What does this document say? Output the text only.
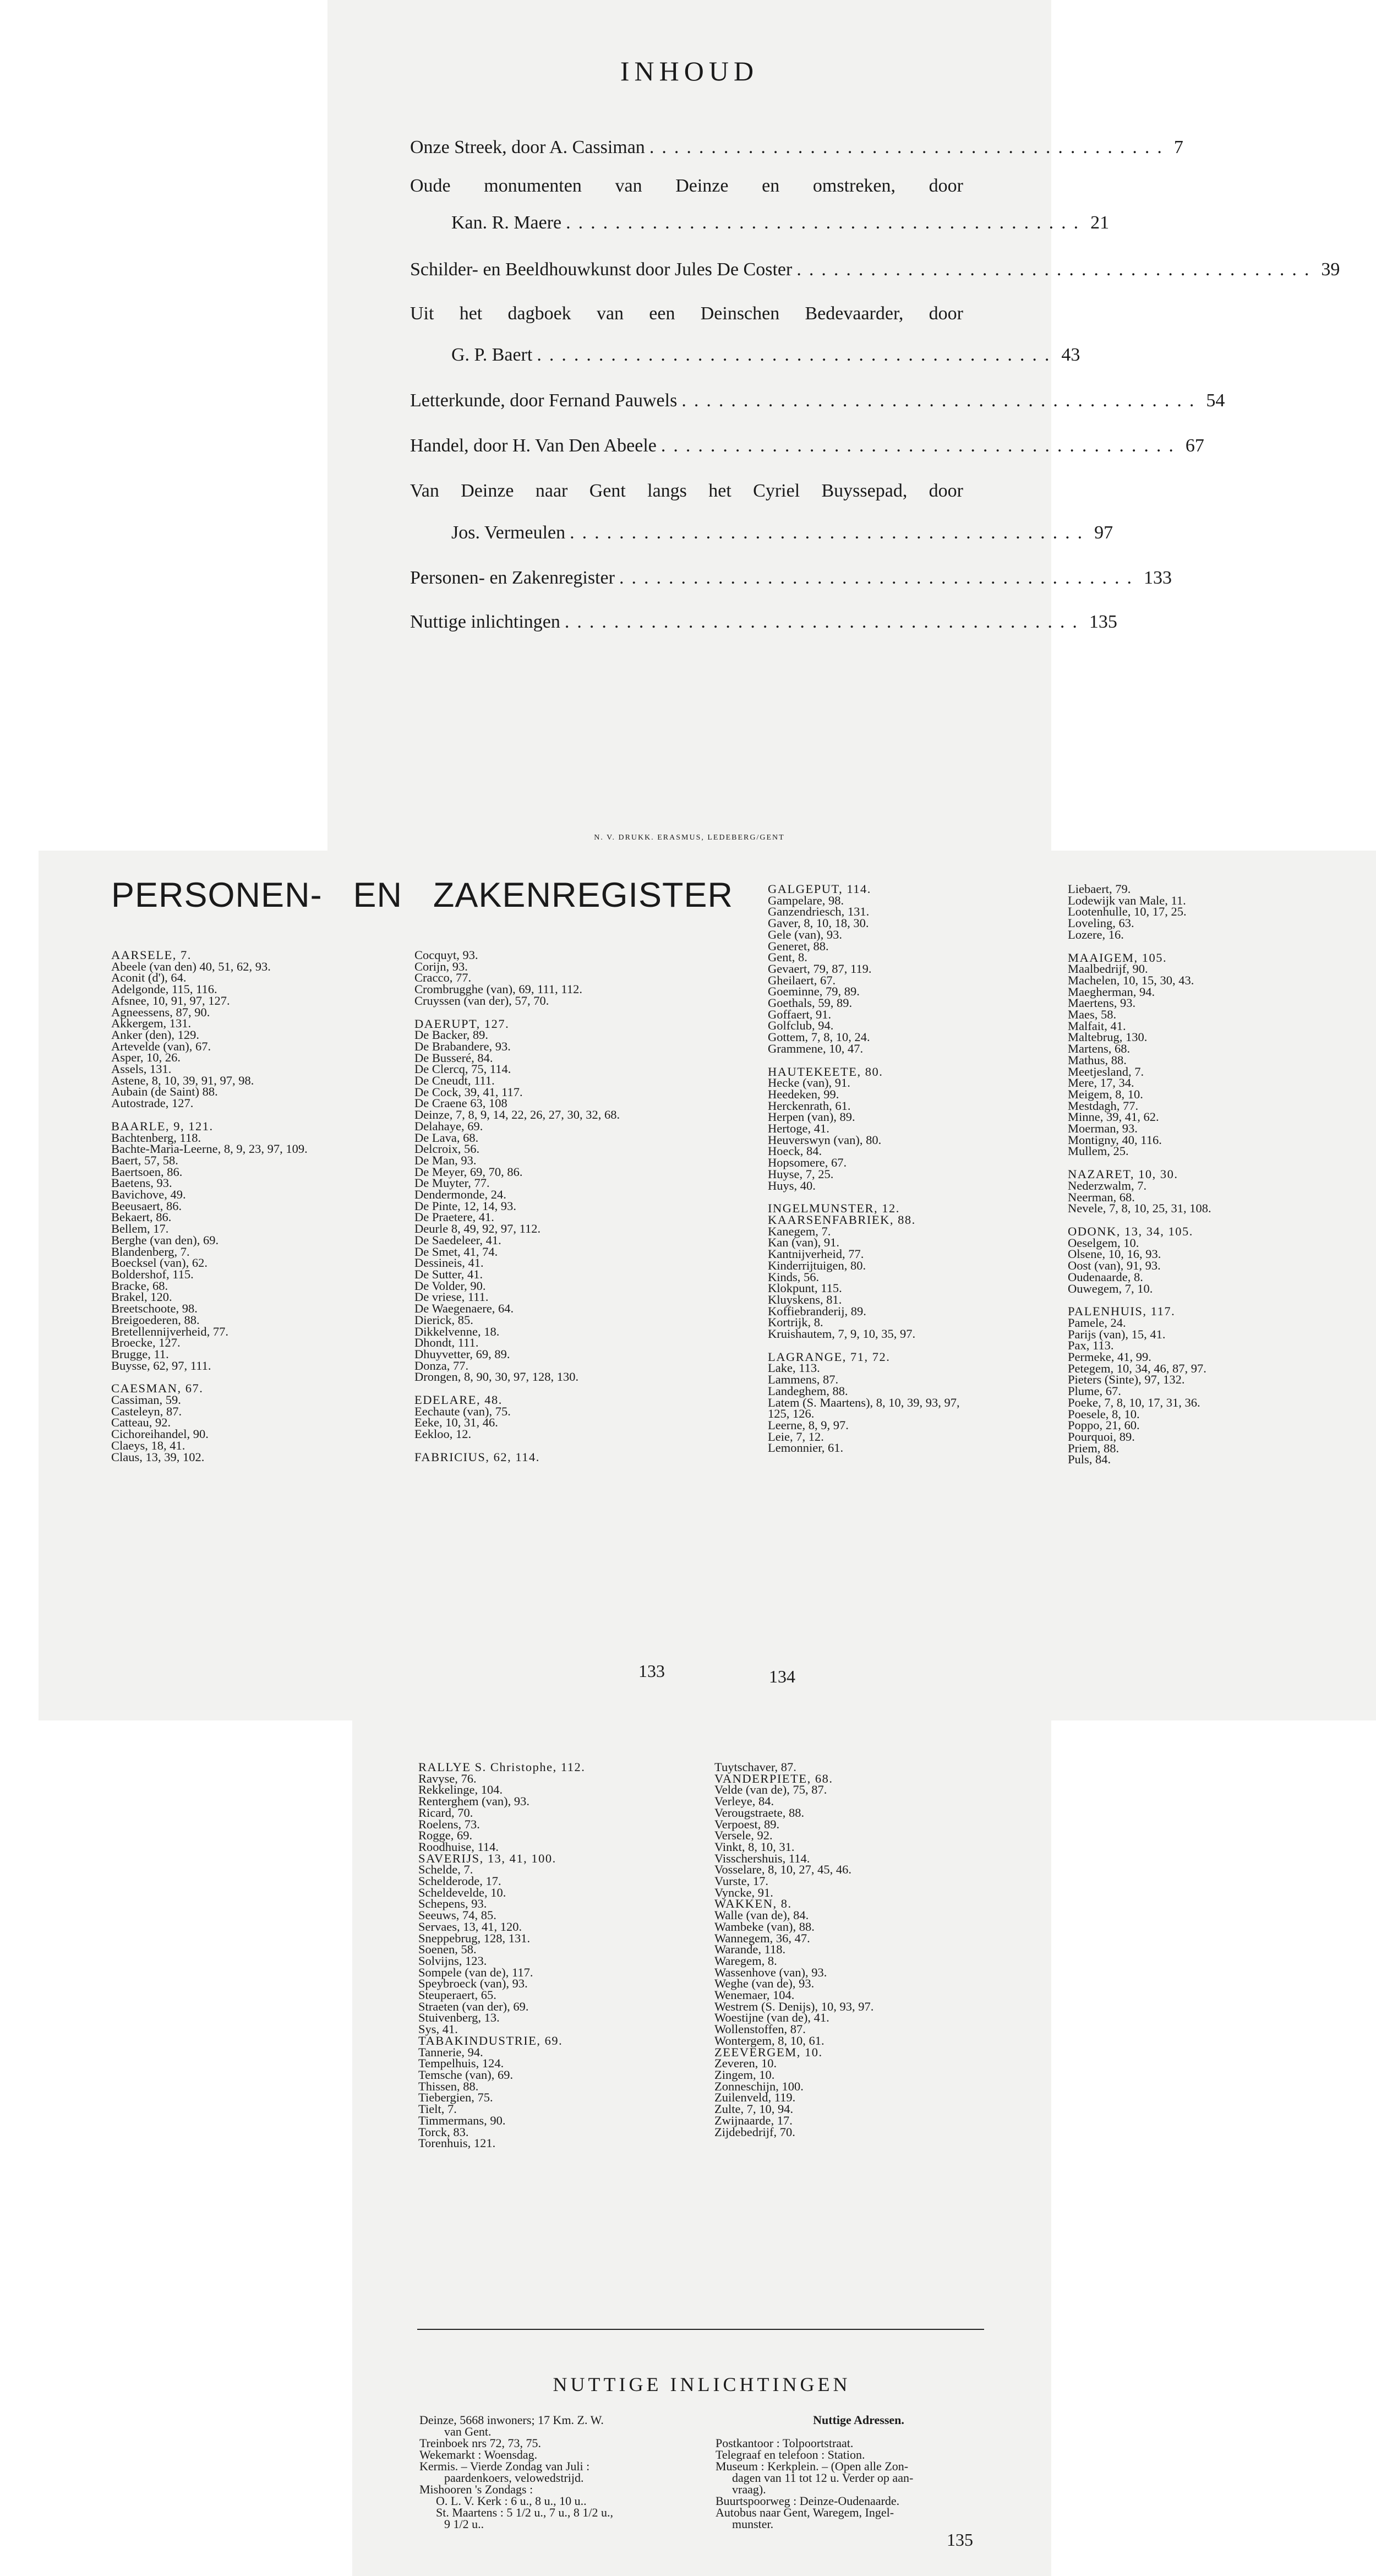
INHOUD
Onze Streek, door A. Cassiman .......................................... 7
Oude monumenten van Deinze en omstreken, door
Kan. R. Maere .......................................... 21
Schilder- en Beeldhouwkunst door Jules De Coster .......................................... 39
Uit het dagboek van een Deinschen Bedevaarder, door
G. P. Baert .......................................... 43
Letterkunde, door Fernand Pauwels .......................................... 54
Handel, door H. Van Den Abeele .......................................... 67
Van Deinze naar Gent langs het Cyriel Buyssepad, door
Jos. Vermeulen .......................................... 97
Personen- en Zakenregister .......................................... 133
Nuttige inlichtingen .......................................... 135
N. V. DRUKK. ERASMUS, LEDEBERG/GENT
PERSONEN- EN ZAKENREGISTER
AARSELE, 7.
Abeele (van den) 40, 51, 62, 93.
Aconit (d'), 64.
Adelgonde, 115, 116.
Afsnee, 10, 91, 97, 127.
Agneessens, 87, 90.
Akkergem, 131.
Anker (den), 129.
Artevelde (van), 67.
Asper, 10, 26.
Assels, 131.
Astene, 8, 10, 39, 91, 97, 98.
Aubain (de Saint) 88.
Autostrade, 127.
BAARLE, 9, 121.
Bachtenberg, 118.
Bachte-Maria-Leerne, 8, 9, 23, 97, 109.
Baert, 57, 58.
Baertsoen, 86.
Baetens, 93.
Bavichove, 49.
Beeusaert, 86.
Bekaert, 86.
Bellem, 17.
Berghe (van den), 69.
Blandenberg, 7.
Boecksel (van), 62.
Boldershof, 115.
Bracke, 68.
Brakel, 120.
Breetschoote, 98.
Breigoederen, 88.
Bretellennijverheid, 77.
Broecke, 127.
Brugge, 11.
Buysse, 62, 97, 111.
CAESMAN, 67.
Cassiman, 59.
Casteleyn, 87.
Catteau, 92.
Cichoreihandel, 90.
Claeys, 18, 41.
Claus, 13, 39, 102.
Cocquyt, 93.
Corijn, 93.
Cracco, 77.
Crombrugghe (van), 69, 111, 112.
Cruyssen (van der), 57, 70.
DAERUPT, 127.
De Backer, 89.
De Brabandere, 93.
De Busseré, 84.
De Clercq, 75, 114.
De Cneudt, 111.
De Cock, 39, 41, 117.
De Craene 63, 108
Deinze, 7, 8, 9, 14, 22, 26, 27, 30, 32, 68.
Delahaye, 69.
De Lava, 68.
Delcroix, 56.
De Man, 93.
De Meyer, 69, 70, 86.
De Muyter, 77.
Dendermonde, 24.
De Pinte, 12, 14, 93.
De Praetere, 41.
Deurle 8, 49, 92, 97, 112.
De Saedeleer, 41.
De Smet, 41, 74.
Dessineis, 41.
De Sutter, 41.
De Volder, 90.
De vriese, 111.
De Waegenaere, 64.
Dierick, 85.
Dikkelvenne, 18.
Dhondt, 111.
Dhuyvetter, 69, 89.
Donza, 77.
Drongen, 8, 90, 30, 97, 128, 130.
EDELARE, 48.
Eechaute (van), 75.
Eeke, 10, 31, 46.
Eekloo, 12.
FABRICIUS, 62, 114.
GALGEPUT, 114.
Gampelare, 98.
Ganzendriesch, 131.
Gaver, 8, 10, 18, 30.
Gele (van), 93.
Generet, 88.
Gent, 8.
Gevaert, 79, 87, 119.
Gheilaert, 67.
Goeminne, 79, 89.
Goethals, 59, 89.
Goffaert, 91.
Golfclub, 94.
Gottem, 7, 8, 10, 24.
Grammene, 10, 47.
HAUTEKEETE, 80.
Hecke (van), 91.
Heedeken, 99.
Herckenrath, 61.
Herpen (van), 89.
Hertoge, 41.
Heuverswyn (van), 80.
Hoeck, 84.
Hopsomere, 67.
Huyse, 7, 25.
Huys, 40.
INGELMUNSTER, 12.
KAARSENFABRIEK, 88.
Kanegem, 7.
Kan (van), 91.
Kantnijverheid, 77.
Kinderrijtuigen, 80.
Kinds, 56.
Klokpunt, 115.
Kluyskens, 81.
Koffiebranderij, 89.
Kortrijk, 8.
Kruishautem, 7, 9, 10, 35, 97.
LAGRANGE, 71, 72.
Lake, 113.
Lammens, 87.
Landeghem, 88.
Latem (S. Maartens), 8, 10, 39, 93, 97,
125, 126.
Leerne, 8, 9, 97.
Leie, 7, 12.
Lemonnier, 61.
Liebaert, 79.
Lodewijk van Male, 11.
Lootenhulle, 10, 17, 25.
Loveling, 63.
Lozere, 16.
MAAIGEM, 105.
Maalbedrijf, 90.
Machelen, 10, 15, 30, 43.
Maegherman, 94.
Maertens, 93.
Maes, 58.
Malfait, 41.
Maltebrug, 130.
Martens, 68.
Mathus, 88.
Meetjesland, 7.
Mere, 17, 34.
Meigem, 8, 10.
Mestdagh, 77.
Minne, 39, 41, 62.
Moerman, 93.
Montigny, 40, 116.
Mullem, 25.
NAZARET, 10, 30.
Nederzwalm, 7.
Neerman, 68.
Nevele, 7, 8, 10, 25, 31, 108.
ODONK, 13, 34, 105.
Oeselgem, 10.
Olsene, 10, 16, 93.
Oost (van), 91, 93.
Oudenaarde, 8.
Ouwegem, 7, 10.
PALENHUIS, 117.
Pamele, 24.
Parijs (van), 15, 41.
Pax, 113.
Permeke, 41, 99.
Petegem, 10, 34, 46, 87, 97.
Pieters (Sinte), 97, 132.
Plume, 67.
Poeke, 7, 8, 10, 17, 31, 36.
Poesele, 8, 10.
Poppo, 21, 60.
Pourquoi, 89.
Priem, 88.
Puls, 84.
133	134
RALLYE S. Christophe, 112.
Ravyse, 76.
Rekkelinge, 104.
Renterghem (van), 93.
Ricard, 70.
Roelens, 73.
Rogge, 69.
Roodhuise, 114.
SAVERIJS, 13, 41, 100.
Schelde, 7.
Schelderode, 17.
Scheldevelde, 10.
Schepens, 93.
Seeuws, 74, 85.
Servaes, 13, 41, 120.
Sneppebrug, 128, 131.
Soenen, 58.
Solvijns, 123.
Sompele (van de), 117.
Speybroeck (van), 93.
Steuperaert, 65.
Straeten (van der), 69.
Stuivenberg, 13.
Sys, 41.
TABAKINDUSTRIE, 69.
Tannerie, 94.
Tempelhuis, 124.
Temsche (van), 69.
Thissen, 88.
Tiebergien, 75.
Tielt, 7.
Timmermans, 90.
Torck, 83.
Torenhuis, 121.
Tuytschaver, 87.
VANDERPIETE, 68.
Velde (van de), 75, 87.
Verleye, 84.
Verougstraete, 88.
Verpoest, 89.
Versele, 92.
Vinkt, 8, 10, 31.
Visschershuis, 114.
Vosselare, 8, 10, 27, 45, 46.
Vurste, 17.
Vyncke, 91.
WAKKEN, 8.
Walle (van de), 84.
Wambeke (van), 88.
Wannegem, 36, 47.
Warande, 118.
Waregem, 8.
Wassenhove (van), 93.
Weghe (van de), 93.
Wenemaer, 104.
Westrem (S. Denijs), 10, 93, 97.
Woestijne (van de), 41.
Wollenstoffen, 87.
Wontergem, 8, 10, 61.
ZEEVERGEM, 10.
Zeveren, 10.
Zingem, 10.
Zonneschijn, 100.
Zuilenveld, 119.
Zulte, 7, 10, 94.
Zwijnaarde, 17.
Zijdebedrijf, 70.
NUTTIGE INLICHTINGEN
Deinze, 5668 inwoners; 17 Km. Z. W.
van Gent.
Treinboek nrs 72, 73, 75.
Wekemarkt : Woensdag.
Kermis. – Vierde Zondag van Juli :
paardenkoers, velowedstrijd.
Mishooren 's Zondags :
O. L. V. Kerk : 6 u., 8 u., 10 u..
St. Maartens : 5 1/2 u., 7 u., 8 1/2 u.,
9 1/2 u..
Nuttige Adressen.
Postkantoor : Tolpoortstraat.
Telegraaf en telefoon : Station.
Museum : Kerkplein. – (Open alle Zon-
dagen van 11 tot 12 u. Verder op aan-
vraag).
Buurtspoorweg : Deinze-Oudenaarde.
Autobus naar Gent, Waregem, Ingel-
munster.
135
